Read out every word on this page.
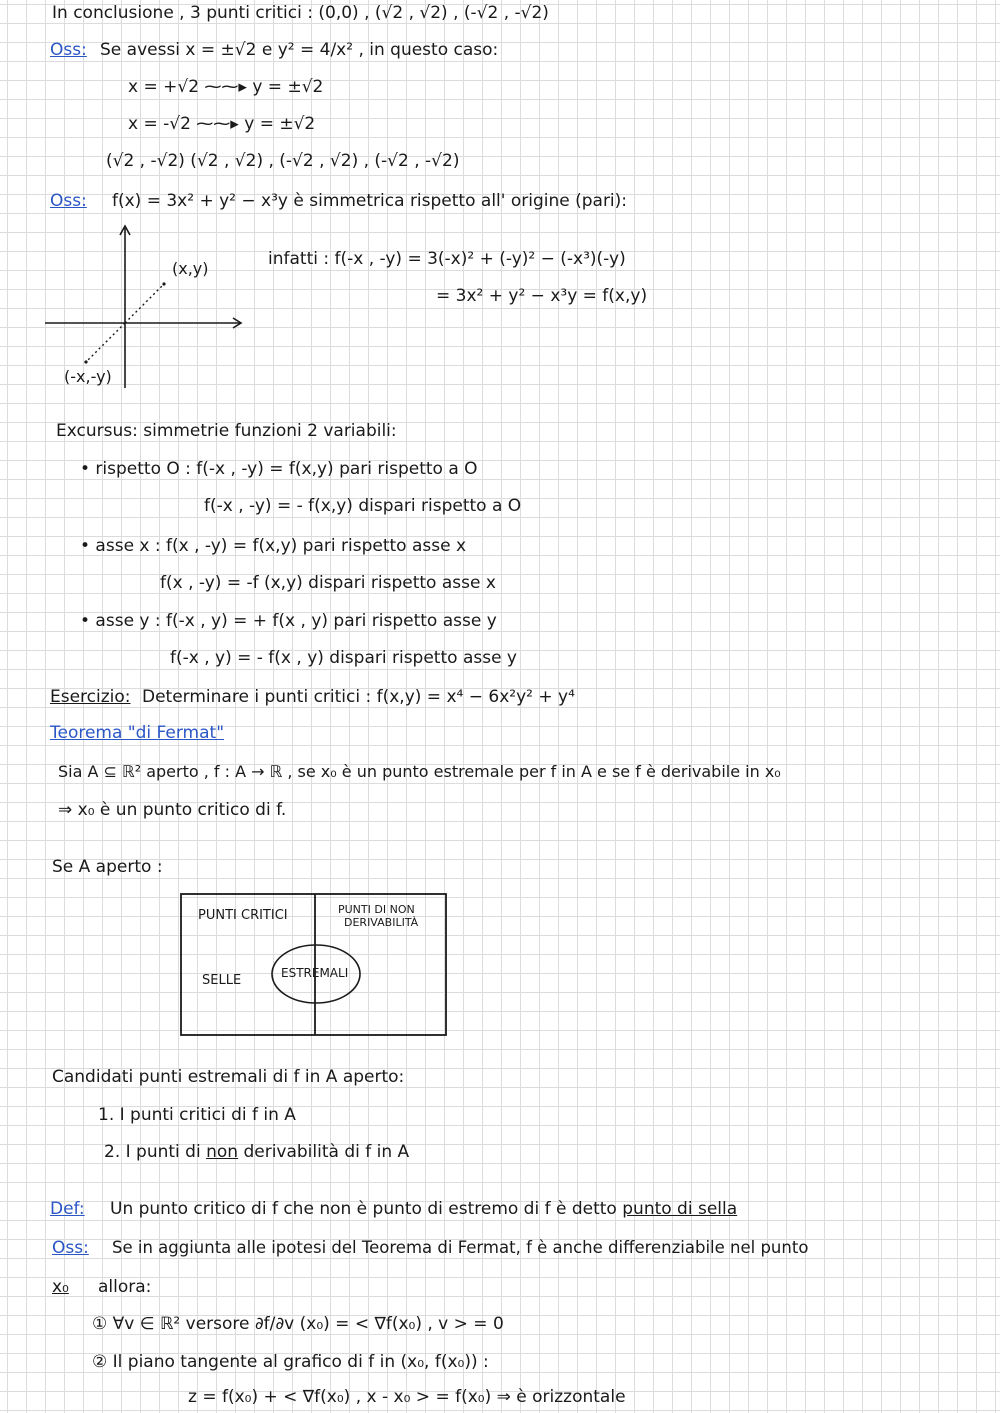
In conclusione , 3 punti critici : (0,0) , (√2 , √2) , (-√2 , -√2)
Oss: Se avessi x = ±√2 e y² = 4/x² , in questo caso:
x = +√2 ⁓⁓▸ y = ±√2
x = -√2 ⁓⁓▸ y = ±√2
(√2 , -√2) (√2 , √2) , (-√2 , √2) , (-√2 , -√2)
Oss: f(x) = 3x² + y² − x³y è simmetrica rispetto all' origine (pari):
(x,y)
(-x,-y)
infatti : f(-x , -y) = 3(-x)² + (-y)² − (-x³)(-y)
= 3x² + y² − x³y = f(x,y)
Excursus: simmetrie funzioni 2 variabili:
• rispetto O : f(-x , -y) = f(x,y) pari rispetto a O
f(-x , -y) = - f(x,y) dispari rispetto a O
• asse x : f(x , -y) = f(x,y) pari rispetto asse x
f(x , -y) = -f (x,y) dispari rispetto asse x
• asse y : f(-x , y) = + f(x , y) pari rispetto asse y
f(-x , y) = - f(x , y) dispari rispetto asse y
Esercizio: Determinare i punti critici : f(x,y) = x⁴ − 6x²y² + y⁴
Teorema "di Fermat"
Sia A ⊆ ℝ² aperto , f : A → ℝ , se x₀ è un punto estremale per f in A e se f è derivabile in x₀
⇒ x₀ è un punto critico di f.
Se A aperto :
PUNTI CRITICI	PUNTI DI NON
DERIVABILITÀ
SELLE	ESTREMALI
Candidati punti estremali di f in A aperto:
1. I punti critici di f in A
2. I punti di non derivabilità di f in A
Def: Un punto critico di f che non è punto di estremo di f è detto punto di sella
Oss: Se in aggiunta alle ipotesi del Teorema di Fermat, f è anche differenziabile nel punto
x₀ allora:
① ∀v ∈ ℝ² versore ∂f/∂v (x₀) = < ∇f(x₀) , v > = 0
② Il piano tangente al grafico di f in (x₀, f(x₀)) :
z = f(x₀) + < ∇f(x₀) , x - x₀ > = f(x₀) ⇒ è orizzontale
